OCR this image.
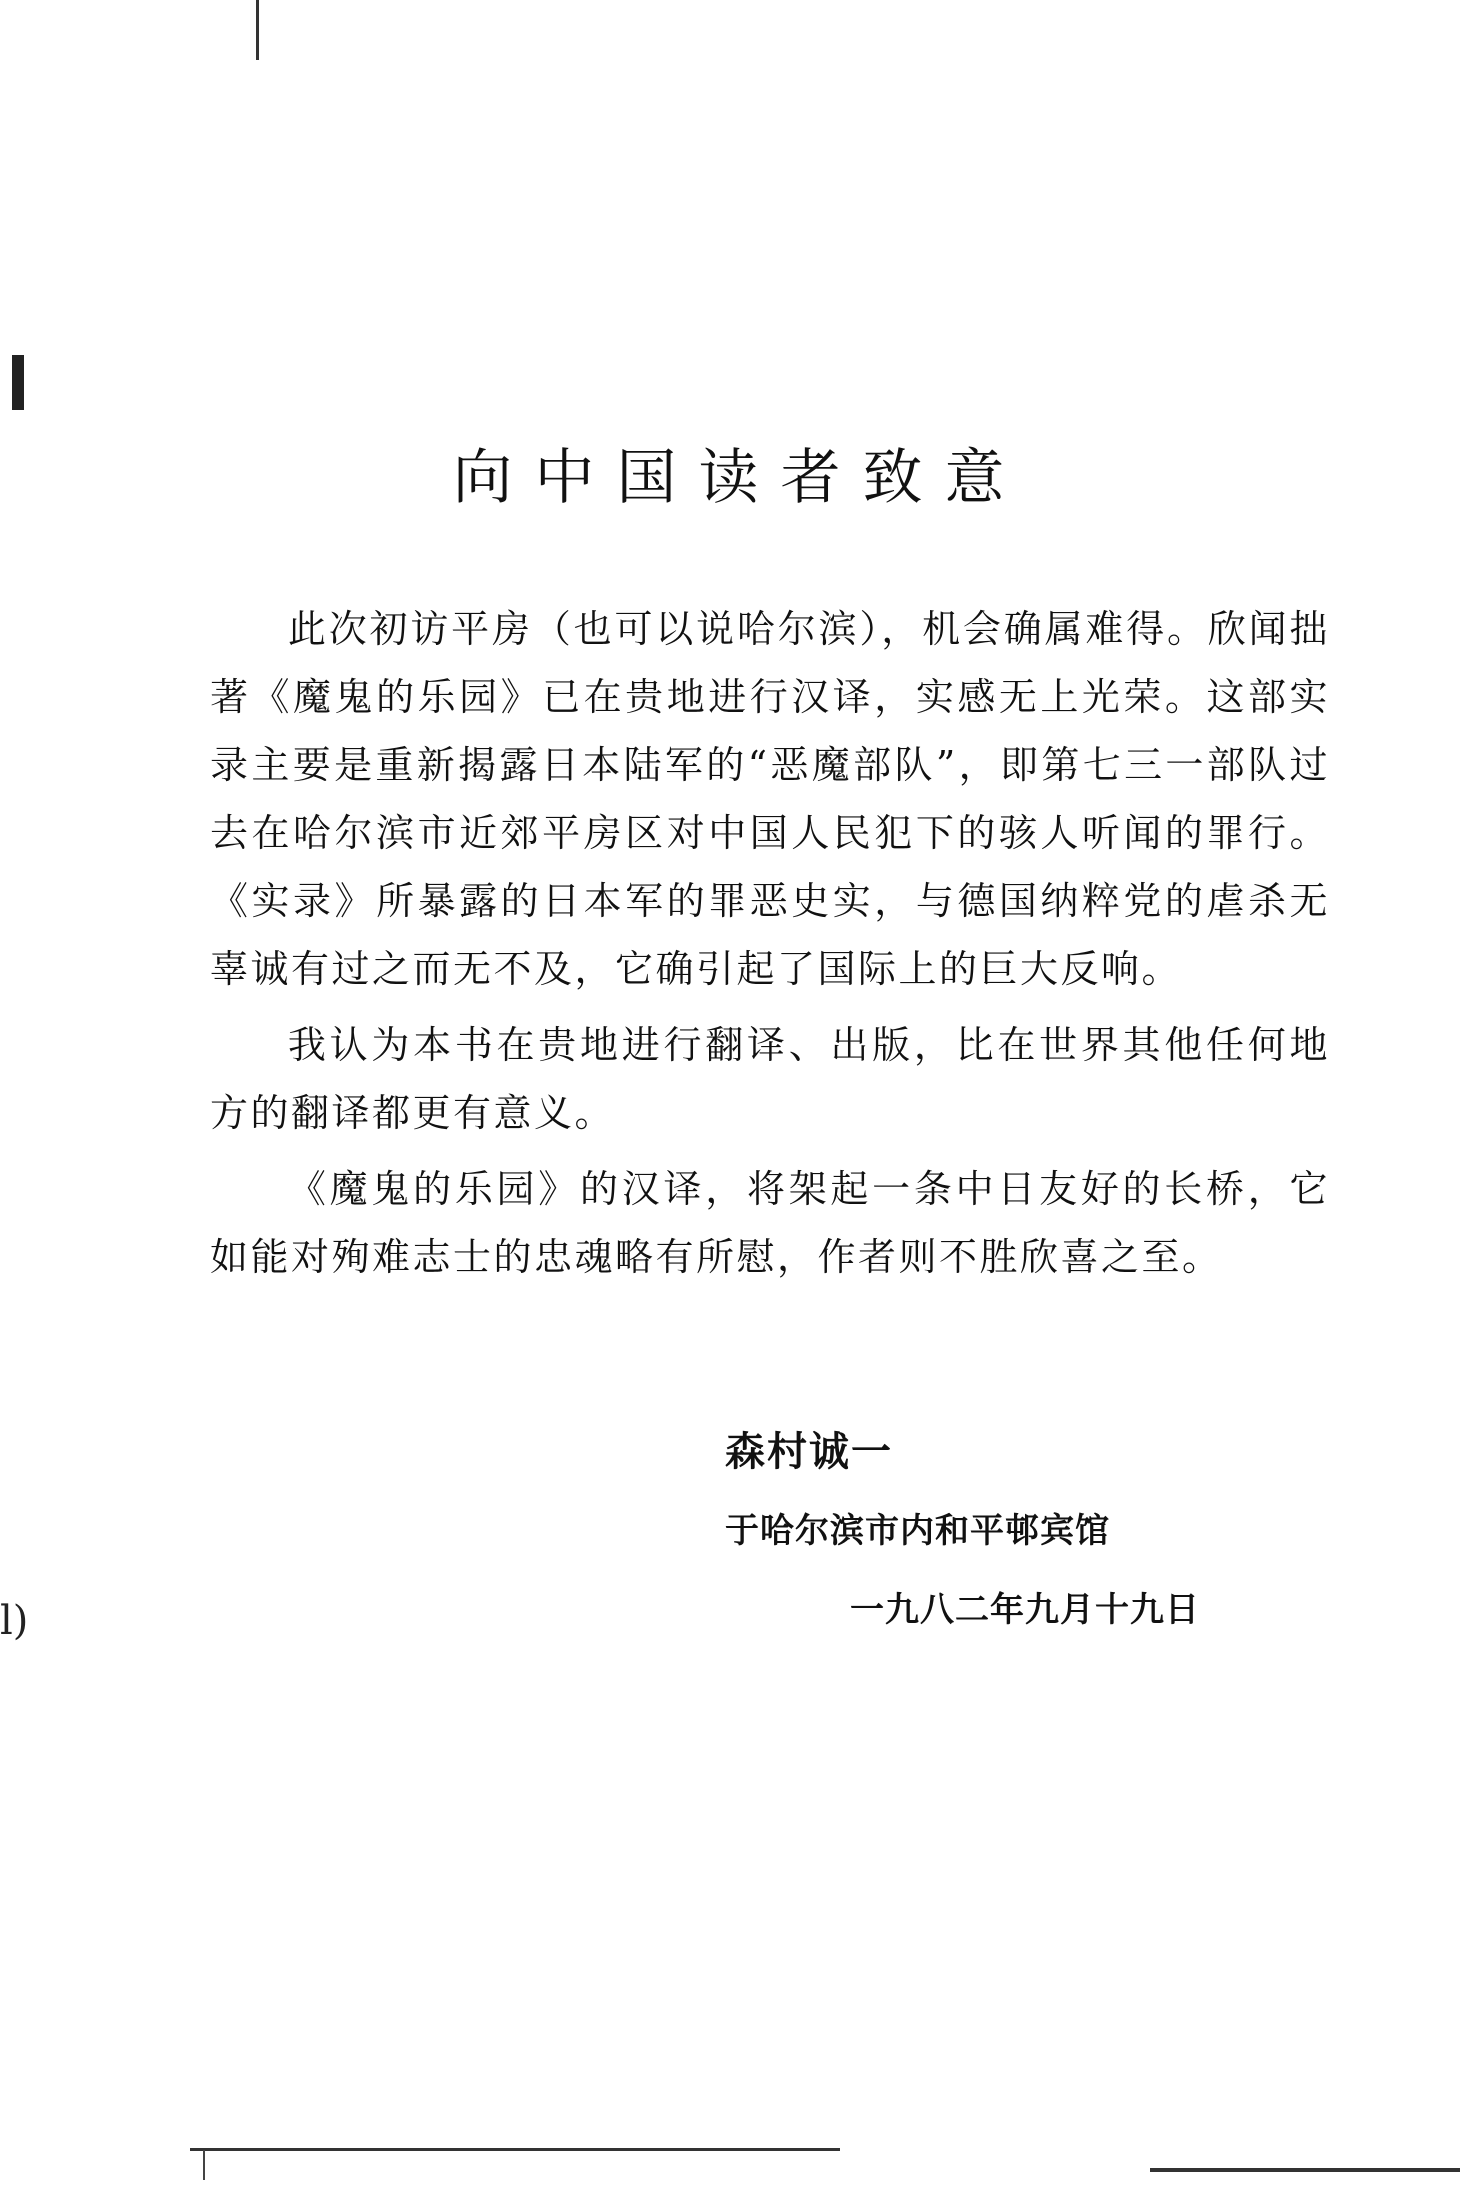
l)
向中国读者致意

此次初访平房（也可以说哈尔滨），机会确属难得。欣闻拙著《魔鬼的乐园》已在贵地进行汉译，实感无上光荣。这部实录主要是重新揭露日本陆军的“恶魔部队”，即第七三一部队过去在哈尔滨市近郊平房区对中国人民犯下的骇人听闻的罪行。《实录》所暴露的日本军的罪恶史实，与德国纳粹党的虐杀无辜诚有过之而无不及，它确引起了国际上的巨大反响。

我认为本书在贵地进行翻译、出版，比在世界其他任何地方的翻译都更有意义。

《魔鬼的乐园》的汉译，将架起一条中日友好的长桥，它如能对殉难志士的忠魂略有所慰，作者则不胜欣喜之至。

森村诚一
于哈尔滨市内和平邨宾馆
一九八二年九月十九日
